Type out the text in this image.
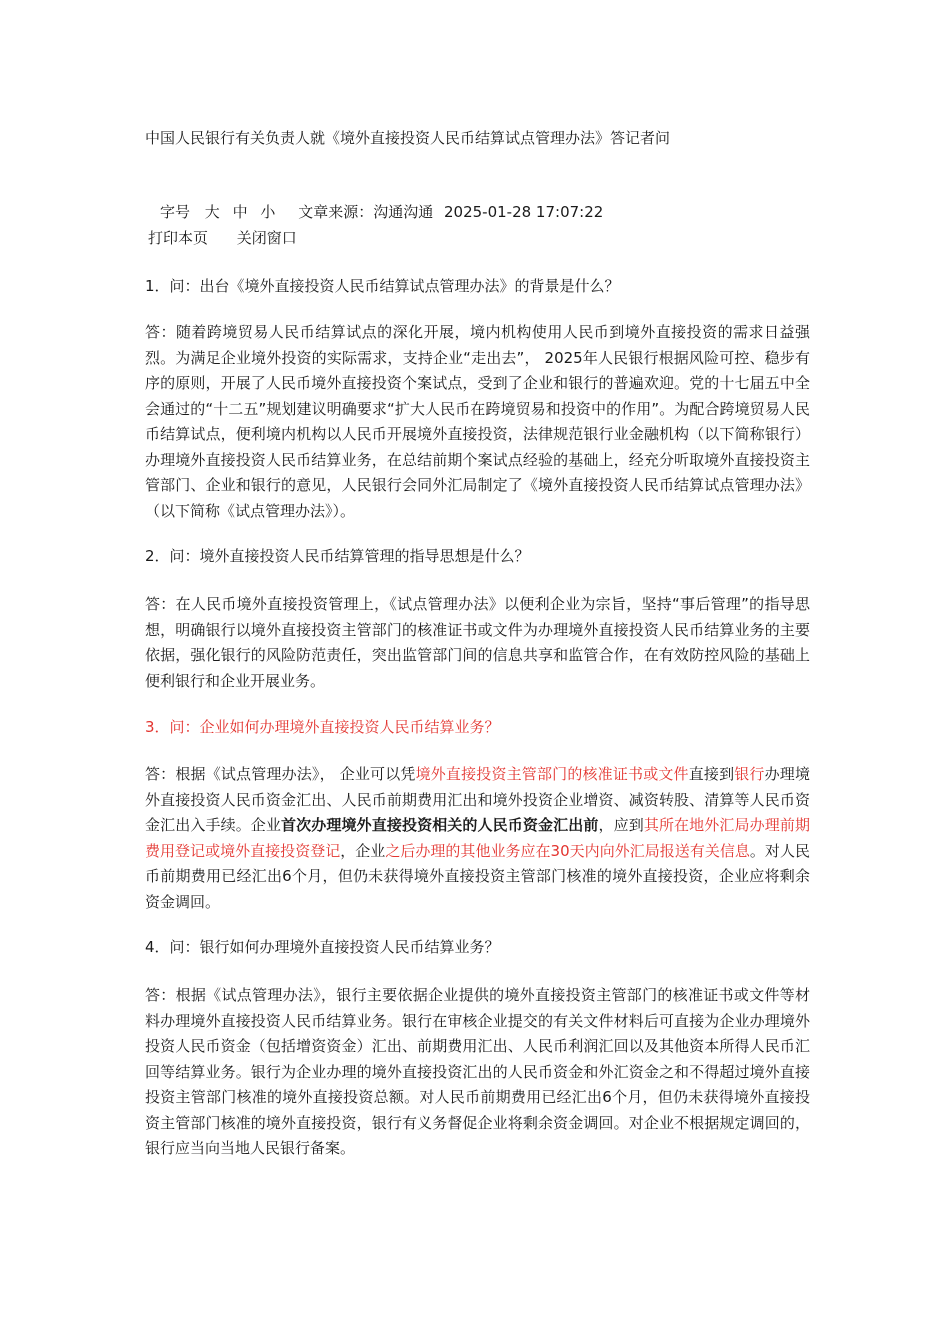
中国人民银行有关负责人就《境外直接投资人民币结算试点管理办法》答记者问
字号 大 中 小 文章来源：沟通沟通 2025-01-28 17:07:22
打印本页 关闭窗口

1．问：出台《境外直接投资人民币结算试点管理办法》的背景是什么？

答：随着跨境贸易人民币结算试点的深化开展，境内机构使用人民币到境外直接投资的需求日益强烈。为满足企业境外投资的实际需求，支持企业“走出去”， 2025年人民银行根据风险可控、稳步有序的原则，开展了人民币境外直接投资个案试点，受到了企业和银行的普遍欢迎。党的十七届五中全会通过的“十二五”规划建议明确要求“扩大人民币在跨境贸易和投资中的作用”。为配合跨境贸易人民币结算试点，便利境内机构以人民币开展境外直接投资，法律规范银行业金融机构（以下简称银行）办理境外直接投资人民币结算业务，在总结前期个案试点经验的基础上，经充分听取境外直接投资主管部门、企业和银行的意见，人民银行会同外汇局制定了《境外直接投资人民币结算试点管理办法》（以下简称《试点管理办法》）。

2．问：境外直接投资人民币结算管理的指导思想是什么？

答：在人民币境外直接投资管理上，《试点管理办法》以便利企业为宗旨，坚持“事后管理”的指导思想，明确银行以境外直接投资主管部门的核准证书或文件为办理境外直接投资人民币结算业务的主要依据，强化银行的风险防范责任，突出监管部门间的信息共享和监管合作，在有效防控风险的基础上便利银行和企业开展业务。

3．问：企业如何办理境外直接投资人民币结算业务？

答：根据《试点管理办法》， 企业可以凭境外直接投资主管部门的核准证书或文件直接到银行办理境外直接投资人民币资金汇出、人民币前期费用汇出和境外投资企业增资、减资转股、清算等人民币资金汇出入手续。企业首次办理境外直接投资相关的人民币资金汇出前，应到其所在地外汇局办理前期费用登记或境外直接投资登记，企业之后办理的其他业务应在30天内向外汇局报送有关信息。对人民币前期费用已经汇出6个月，但仍未获得境外直接投资主管部门核准的境外直接投资，企业应将剩余资金调回。

4．问：银行如何办理境外直接投资人民币结算业务？

答：根据《试点管理办法》，银行主要依据企业提供的境外直接投资主管部门的核准证书或文件等材料办理境外直接投资人民币结算业务。银行在审核企业提交的有关文件材料后可直接为企业办理境外投资人民币资金（包括增资资金）汇出、前期费用汇出、人民币利润汇回以及其他资本所得人民币汇回等结算业务。银行为企业办理的境外直接投资汇出的人民币资金和外汇资金之和不得超过境外直接投资主管部门核准的境外直接投资总额。对人民币前期费用已经汇出6个月，但仍未获得境外直接投资主管部门核准的境外直接投资，银行有义务督促企业将剩余资金调回。对企业不根据规定调回的，银行应当向当地人民银行备案。
